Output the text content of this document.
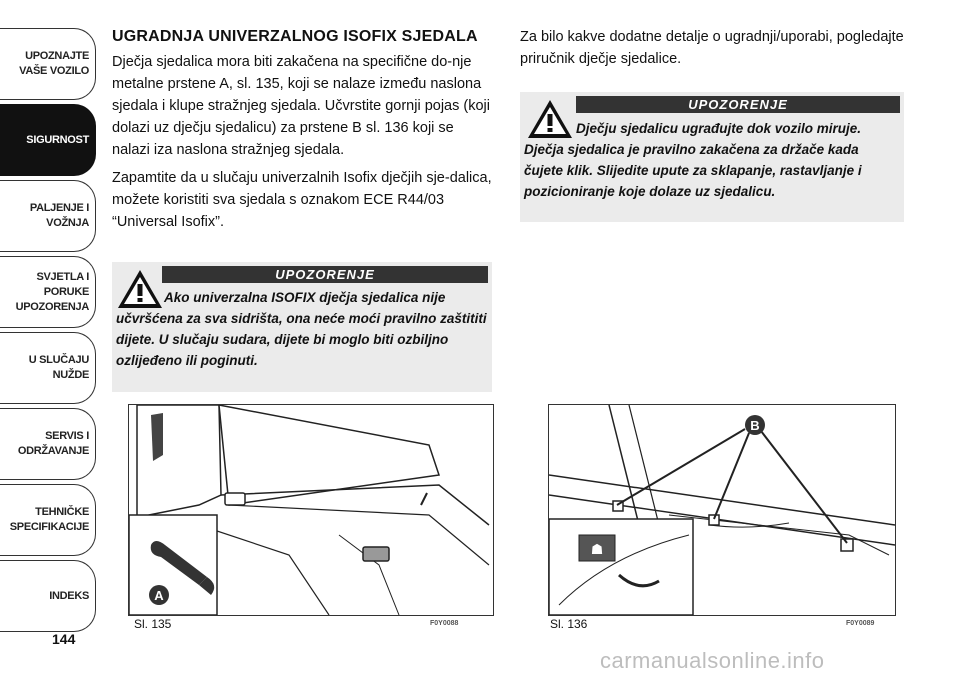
UPOZNAJTE
VAŠE VOZILO
SIGURNOST
PALJENJE I
VOŽNJA
SVJETLA I PORUKE
UPOZORENJA
U SLUČAJU
NUŽDE
SERVIS I
ODRŽAVANJE
TEHNIČKE
SPECIFIKACIJE
INDEKS
144
UGRADNJA UNIVERZALNOG ISOFIX SJEDALA
Dječja sjedalica mora biti zakačena na specifične do-nje metalne prstene A, sl. 135, koji se nalaze između naslona sjedala i klupe stražnjeg sjedala. Učvrstite gornji pojas (koji dolazi uz dječju sjedalicu) za prstene B sl. 136 koji se nalazi iza naslona stražnjeg sjedala.
Zapamtite da u slučaju univerzalnih Isofix dječjih sje-dalica, možete koristiti sva sjedala s oznakom ECE R44/03 “Universal Isofix”.
UPOZORENJE
Ako univerzalna ISOFIX dječja sjedalica nije učvršćena za sva sidrišta, ona neće moći pravilno zaštititi dijete. U slučaju sudara, dijete bi moglo biti ozbiljno ozlijeđeno ili poginuti.
Za bilo kakve dodatne detalje o ugradnji/uporabi, pogledajte priručnik dječje sjedalice.
UPOZORENJE
Dječju sjedalicu ugrađujte dok vozilo miruje. Dječja sjedalica je pravilno zakačena za držače kada čujete klik. Slijedite upute za sklapanje, rastavljanje i pozicioniranje koje dolaze uz sjedalicu.
A
Sl. 135	F0Y0088
B
☗
Sl. 136	F0Y0089
carmanualsonline.info
